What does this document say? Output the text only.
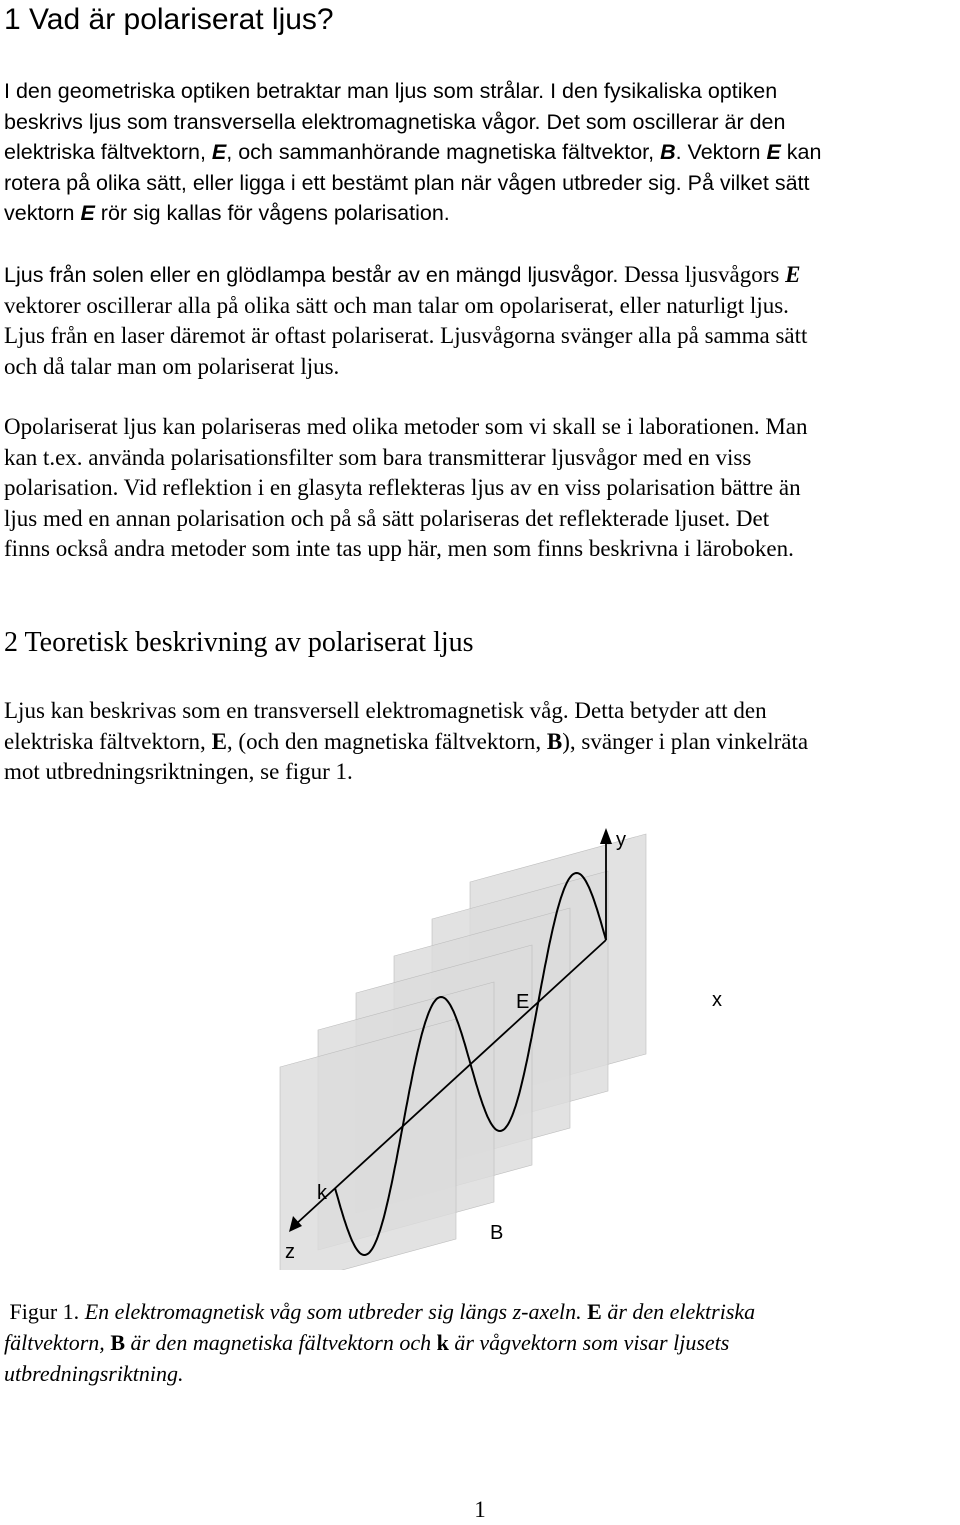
1 Vad är polariserat ljus?
I den geometriska optiken betraktar man ljus som strålar. I den fysikaliska optiken
beskrivs ljus som transversella elektromagnetiska vågor. Det som oscillerar är den
elektriska fältvektorn, E, och sammanhörande magnetiska fältvektor, B. Vektorn E kan
rotera på olika sätt, eller ligga i ett bestämt plan när vågen utbreder sig. På vilket sätt
vektorn E rör sig kallas för vågens polarisation.
Ljus från solen eller en glödlampa består av en mängd ljusvågor. Dessa ljusvågors E
vektorer oscillerar alla på olika sätt och man talar om opolariserat, eller naturligt ljus.
Ljus från en laser däremot är oftast polariserat. Ljusvågorna svänger alla på samma sätt
och då talar man om polariserat ljus.
Opolariserat ljus kan polariseras med olika metoder som vi skall se i laborationen. Man
kan t.ex. använda polarisationsfilter som bara transmitterar ljusvågor med en viss
polarisation. Vid reflektion i en glasyta reflekteras ljus av en viss polarisation bättre än
ljus med en annan polarisation och på så sätt polariseras det reflekterade ljuset. Det
finns också andra metoder som inte tas upp här, men som finns beskrivna i läroboken.
2 Teoretisk beskrivning av polariserat ljus
Ljus kan beskrivas som en transversell elektromagnetisk våg. Detta betyder att den
elektriska fältvektorn, E, (och den magnetiska fältvektorn, B), svänger i plan vinkelräta
mot utbredningsriktningen, se figur 1.
y
x
E
k
z
B
Figur 1. En elektromagnetisk våg som utbreder sig längs z-axeln. E är den elektriska
fältvektorn, B är den magnetiska fältvektorn och k är vågvektorn som visar ljusets
utbredningsriktning.

1
